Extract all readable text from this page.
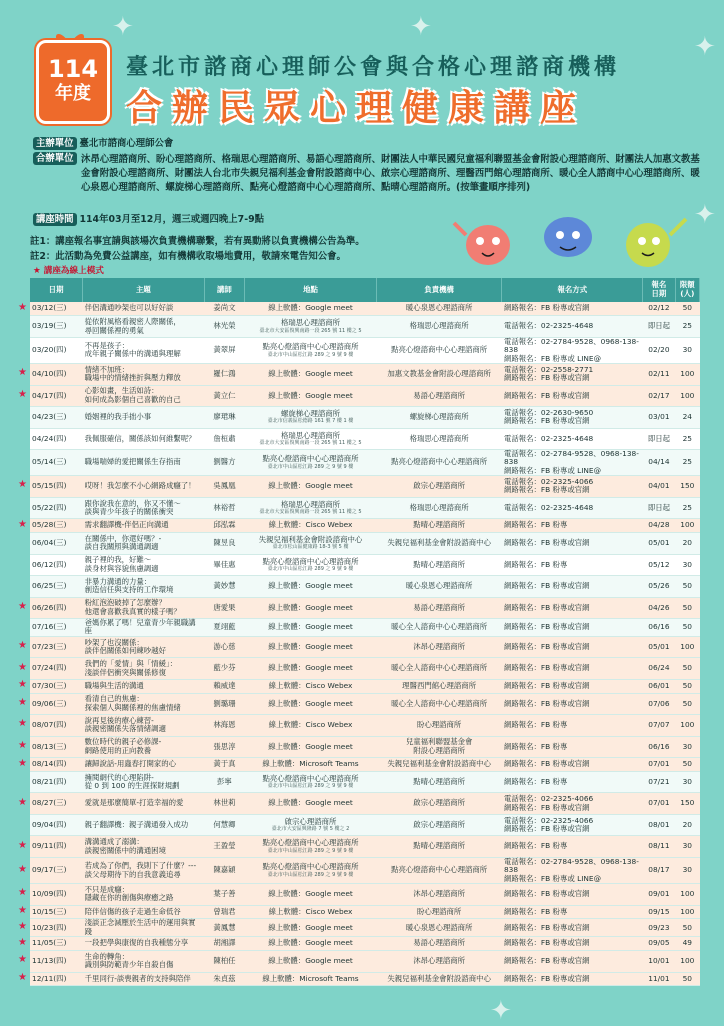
✦	✦
✦
✦
✦
114
年度
臺北市諮商心理師公會與合格心理諮商機構
合辦民眾心理健康講座
主辦單位 臺北市諮商心理師公會
合辦單位 沐昂心理諮商所、盼心理諮商所、格瑞思心理諮商所、易語心理諮商所、財團法人中華民國兒童福利聯盟基金會附設心理諮商所、財團法人加惠文教基金會附設心理諮商所、財團法人台北市失親兒福利基金會附設諮商中心、啟宗心理諮商所、理醫西門館心理諮商所、暖心全人諮商中心心理諮商所、暖心泉恩心理諮商所、螺旋梯心理諮商所、點亮心燈諮商中心心理諮商所、點晴心理諮商所。(按筆畫順序排列)
講座時間 114年03月至12月，週三或週四晚上7-9點
註1：講座報名事宜請與該場次負責機構聯繫，若有異動將以負責機構公告為準。
註2：此活動為免費公益講座，如有機構收取場地費用，敬請來電告知公會。
★ 講座為線上模式
日期	主題	講師	地點	負責機構	報名方式	報名
日期	限額
(人)
03/12(三)	伴侶溝通吵架也可以好好談	姜尚文	線上軟體：Google meet	暖心泉恩心理諮商所	網路報名：FB 粉專或官網	02/12	50
03/19(三)	從依附風格看親密人際關係，
尋回關係裡的勇氣	林光榮	格瑞思心理諮商所
臺北市大安區復興南路一段 265 號 11 樓之 5	格瑞思心理諮商所	電話報名：02-2325-4648	即日起	25
03/20(四)	不再是孩子：
成年親子關係中的溝通與理解	黃翠屏	點亮心燈諮商中心心理諮商所
臺北市中山區松江路 289 之 9 號 9 樓	點亮心燈諮商中心心理諮商所	電話報名：02-2784-9528、0968-138-838
網路報名：FB 粉專或 LINE@	02/20	30
04/10(四)	情緒不加班：
職場中的情緒挫折與壓力釋放	羅仁鴻	線上軟體：Google meet	加惠文教基金會附設心理諮商所	電話報名：02-2558-2771
網路報名：FB 粉專或官網	02/11	100
04/17(四)	心影如畫，生活如詩：
如何成為影個自己喜歡的自己	黃立仁	線上軟體：Google meet	易語心理諮商所	網路報名：FB 粉專或官網	02/17	100
04/23(三)	婚姻裡的我手拙小事	廖珺琳	螺旋梯心理諮商所
臺北市信義區松德路 161 號 7 樓 1 樓	螺旋梯心理諮商所	電話報名：02-2630-9650
網路報名：FB 粉專或官網	03/01	24
04/24(四)	我佩服確信，關係該如何維繫呢？	詹桓肅	格瑞思心理諮商所
臺北市大安區復興南路一段 265 號 11 樓之 5	格瑞思心理諮商所	電話報名：02-2325-4648	即日起	25
05/14(三)	職場喘婦的愛把關係生存指南	劉醫方	點亮心燈諮商中心心理諮商所
臺北市中山區松江路 289 之 9 號 9 樓	點亮心燈諮商中心心理諮商所	電話報名：02-2784-9528、0968-138-838
網路報名：FB 粉專或 LINE@	04/14	25
05/15(四)	哎呀！我怎麼不小心網路成癮了！	吳鳳凰	線上軟體：Google meet	啟宗心理諮商所	電話報名：02-2325-4066
網路報名：FB 粉專或官網	04/01	150
05/22(四)	跟你說我在意的，你又不懂～
談與青少年孩子的關係衝突	林裕哲	格瑞思心理諮商所
臺北市大安區復興南路一段 265 號 11 樓之 5	格瑞思心理諮商所	電話報名：02-2325-4648	即日起	25
05/28(三)	需求翻譯機-伴侶正向溝通	邱泓霖	線上軟體：Cisco Webex	點晴心理諮商所	網路報名：FB 粉專	04/28	100
06/04(三)	在關係中，你還好嗎？-
談自我關照與溝通調適	陳昱良	失親兒福利基金會附設諮商中心
臺北市松山區健康路 18-3 號 5 樓	失親兒福利基金會附設諮商中心	網路報名：FB 粉專或官網	05/01	20
06/12(四)	親子裡的我，好難～
談身材與容貌焦慮調適	畢佳惠	點亮心燈諮商中心心理諮商所
臺北市中山區松江路 289 之 9 號 9 樓	點晴心理諮商所	網路報名：FB 粉專	05/12	30
06/25(三)	非暴力溝通的力量：
創造信任與支持的工作環境	黃妙慧	線上軟體：Google meet	暖心泉恩心理諮商所	網路報名：FB 粉專或官網	05/26	50
06/26(四)	粉紅泡泡破掉了怎麼辦？
他還會喜歡我真實的樣子嗎？	唐愛果	線上軟體：Google meet	易語心理諮商所	網路報名：FB 粉專或官網	04/26	50
07/16(三)	爸媽你累了嗎！兒童青少年親職講座	夏翊藍	線上軟體：Google meet	暖心全人諮商中心心理諮商所	網路報名：FB 粉專或官網	06/16	50
07/23(三)	吵架了也沒關係：
談伴侶關係如何練吵越好	游心慈	線上軟體：Google meet	沐昂心理諮商所	網路報名：FB 粉專或官網	05/01	100
07/24(四)	我們的「愛情」與「情緩」：
淺談伴侶衝突與關係修復	藍少芬	線上軟體：Google meet	暖心全人諮商中心心理諮商所	網路報名：FB 粉專或官網	06/24	50
07/30(三)	職場與生活的溝通	賴威達	線上軟體：Cisco Webex	理醫西門館心理諮商所	網路報名：FB 粉專或官網	06/01	50
09/06(三)	看清自己的焦慮：
探索個人與關係裡的焦慮情緒	劉璐珊	線上軟體：Google meet	暖心全人諮商中心心理諮商所	網路報名：FB 粉專或官網	07/06	50
08/07(四)	說再見後的療心練習-
談親密關係失落情緒調適	林海恩	線上軟體：Cisco Webex	盼心理諮商所	網路報名：FB 粉專	07/07	100
08/13(三)	數位時代的親子必修課-
網路使用的正向教養	張思淳	線上軟體：Google meet	兒童福利聯盟基金會
附設心理諮商所	網路報名：FB 粉專	06/16	30
08/14(四)	讓歸說話-用蟲春打開家的心	黃于真	線上軟體：Microsoft Teams	失親兒福利基金會附設諮商中心	網路報名：FB 粉專或官網	07/01	50
08/21(四)	擁閱網代的心理陷阱-
從 0 到 100 的生涯探財規劃	彭寧	點亮心燈諮商中心心理諮商所
臺北市中山區松江路 289 之 9 號 9 樓	點晴心理諮商所	網路報名：FB 粉專	07/21	30
08/27(三)	愛就是那麼簡單-打造幸福的愛	林世莉	線上軟體：Google meet	啟宗心理諮商所	電話報名：02-2325-4066
網路報名：FB 粉專或官網	07/01	150
09/04(四)	親子翻譯機：親子溝通發入成功	何慧卿	啟宗心理諮商所
臺北市大安區興隆路 7 號 5 樓之 2	啟宗心理諮商所	電話報名：02-2325-4066
網路報名：FB 粉專或官網	08/01	20
09/11(四)	溝溝通成了溺溝：
談親密關係中的溝通困境	王盈瑩	點亮心燈諮商中心心理諮商所
臺北市中山區松江路 289 之 9 號 9 樓	點晴心理諮商所	網路報名：FB 粉專	08/11	30
09/17(三)	若成為了你們，我則下了什麼？---
談父母期待下的自我意義追尋	陳嘉穎	點亮心燈諮商中心心理諮商所
臺北市中山區松江路 289 之 9 號 9 樓	點亮心燈諮商中心心理諮商所	電話報名：02-2784-9528、0968-138-838
網路報名：FB 粉專或 LINE@	08/17	30
10/09(四)	不只是成癮：
隱藏在你的創傷與療癒之路	葉子善	線上軟體：Google meet	沐昂心理諮商所	網路報名：FB 粉專或官網	09/01	100
10/15(三)	陪伴信傷的孩子走過生命低谷	曾瑞君	線上軟體：Cisco Webex	盼心理諮商所	網路報名：FB 粉專	09/15	100
10/23(四)	淺談正念減壓於生活中的運用與實踐	黃鳳慧	線上軟體：Google meet	暖心泉恩心理諮商所	網路報名：FB 粉專或官網	09/23	50
11/05(三)	一段把學與康復的自我種態分享	胡湘譯	線上軟體：Google meet	易語心理諮商所	網路報名：FB 粉專或官網	09/05	49
11/13(四)	生命的轉角：
識別與防範青少年自殺自傷	陳柏任	線上軟體：Google meet	沐昂心理諮商所	網路報名：FB 粉專或官網	10/01	100
12/11(四)	千里同行-談喪親者的支持與陪伴	朱貞茲	線上軟體：Microsoft Teams	失親兒福利基金會附設諮商中心	網路報名：FB 粉專或官網	11/01	50
★
★
★
★
★
★
★
★
★
★
★
★
★
★
★
★
★
★
★
★
★
★
